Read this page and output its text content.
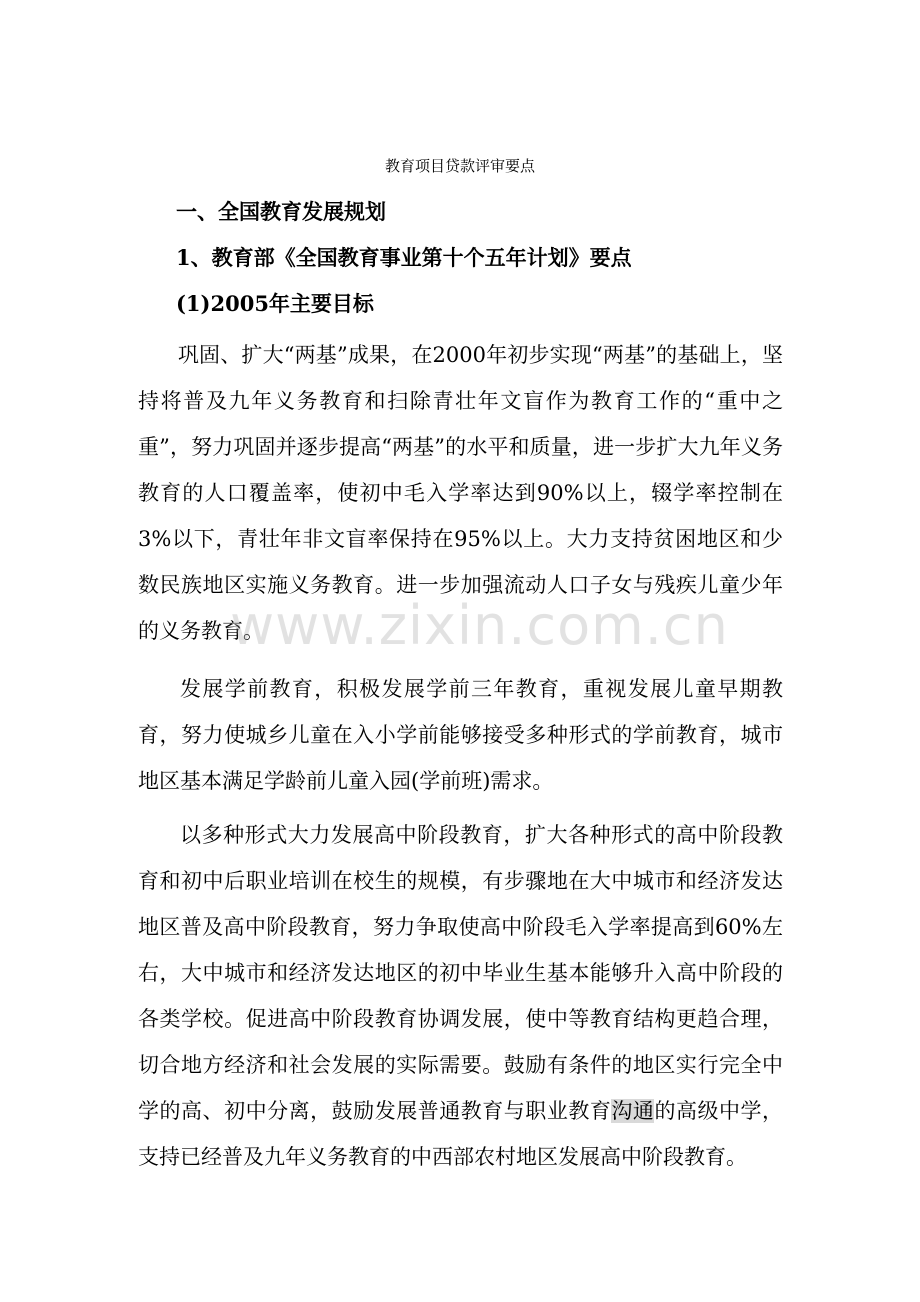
教育项目贷款评审要点
一、全国教育发展规划
1、教育部《全国教育事业第十个五年计划》要点
(1)2005年主要目标
巩固、扩大“两基”成果，在2000年初步实现“两基”的基础上，坚持将普及九年义务教育和扫除青壮年文盲作为教育工作的“重中之重”，努力巩固并逐步提高“两基”的水平和质量，进一步扩大九年义务教育的人口覆盖率，使初中毛入学率达到90%以上，辍学率控制在3%以下，青壮年非文盲率保持在95%以上。大力支持贫困地区和少数民族地区实施义务教育。进一步加强流动人口子女与残疾儿童少年的义务教育。
发展学前教育，积极发展学前三年教育，重视发展儿童早期教育，努力使城乡儿童在入小学前能够接受多种形式的学前教育，城市地区基本满足学龄前儿童入园(学前班)需求。
以多种形式大力发展高中阶段教育，扩大各种形式的高中阶段教育和初中后职业培训在校生的规模，有步骤地在大中城市和经济发达地区普及高中阶段教育，努力争取使高中阶段毛入学率提高到60%左右，大中城市和经济发达地区的初中毕业生基本能够升入高中阶段的各类学校。促进高中阶段教育协调发展，使中等教育结构更趋合理，切合地方经济和社会发展的实际需要。鼓励有条件的地区实行完全中学的高、初中分离，鼓励发展普通教育与职业教育沟通的高级中学，支持已经普及九年义务教育的中西部农村地区发展高中阶段教育。
www.zixin.com.cn
